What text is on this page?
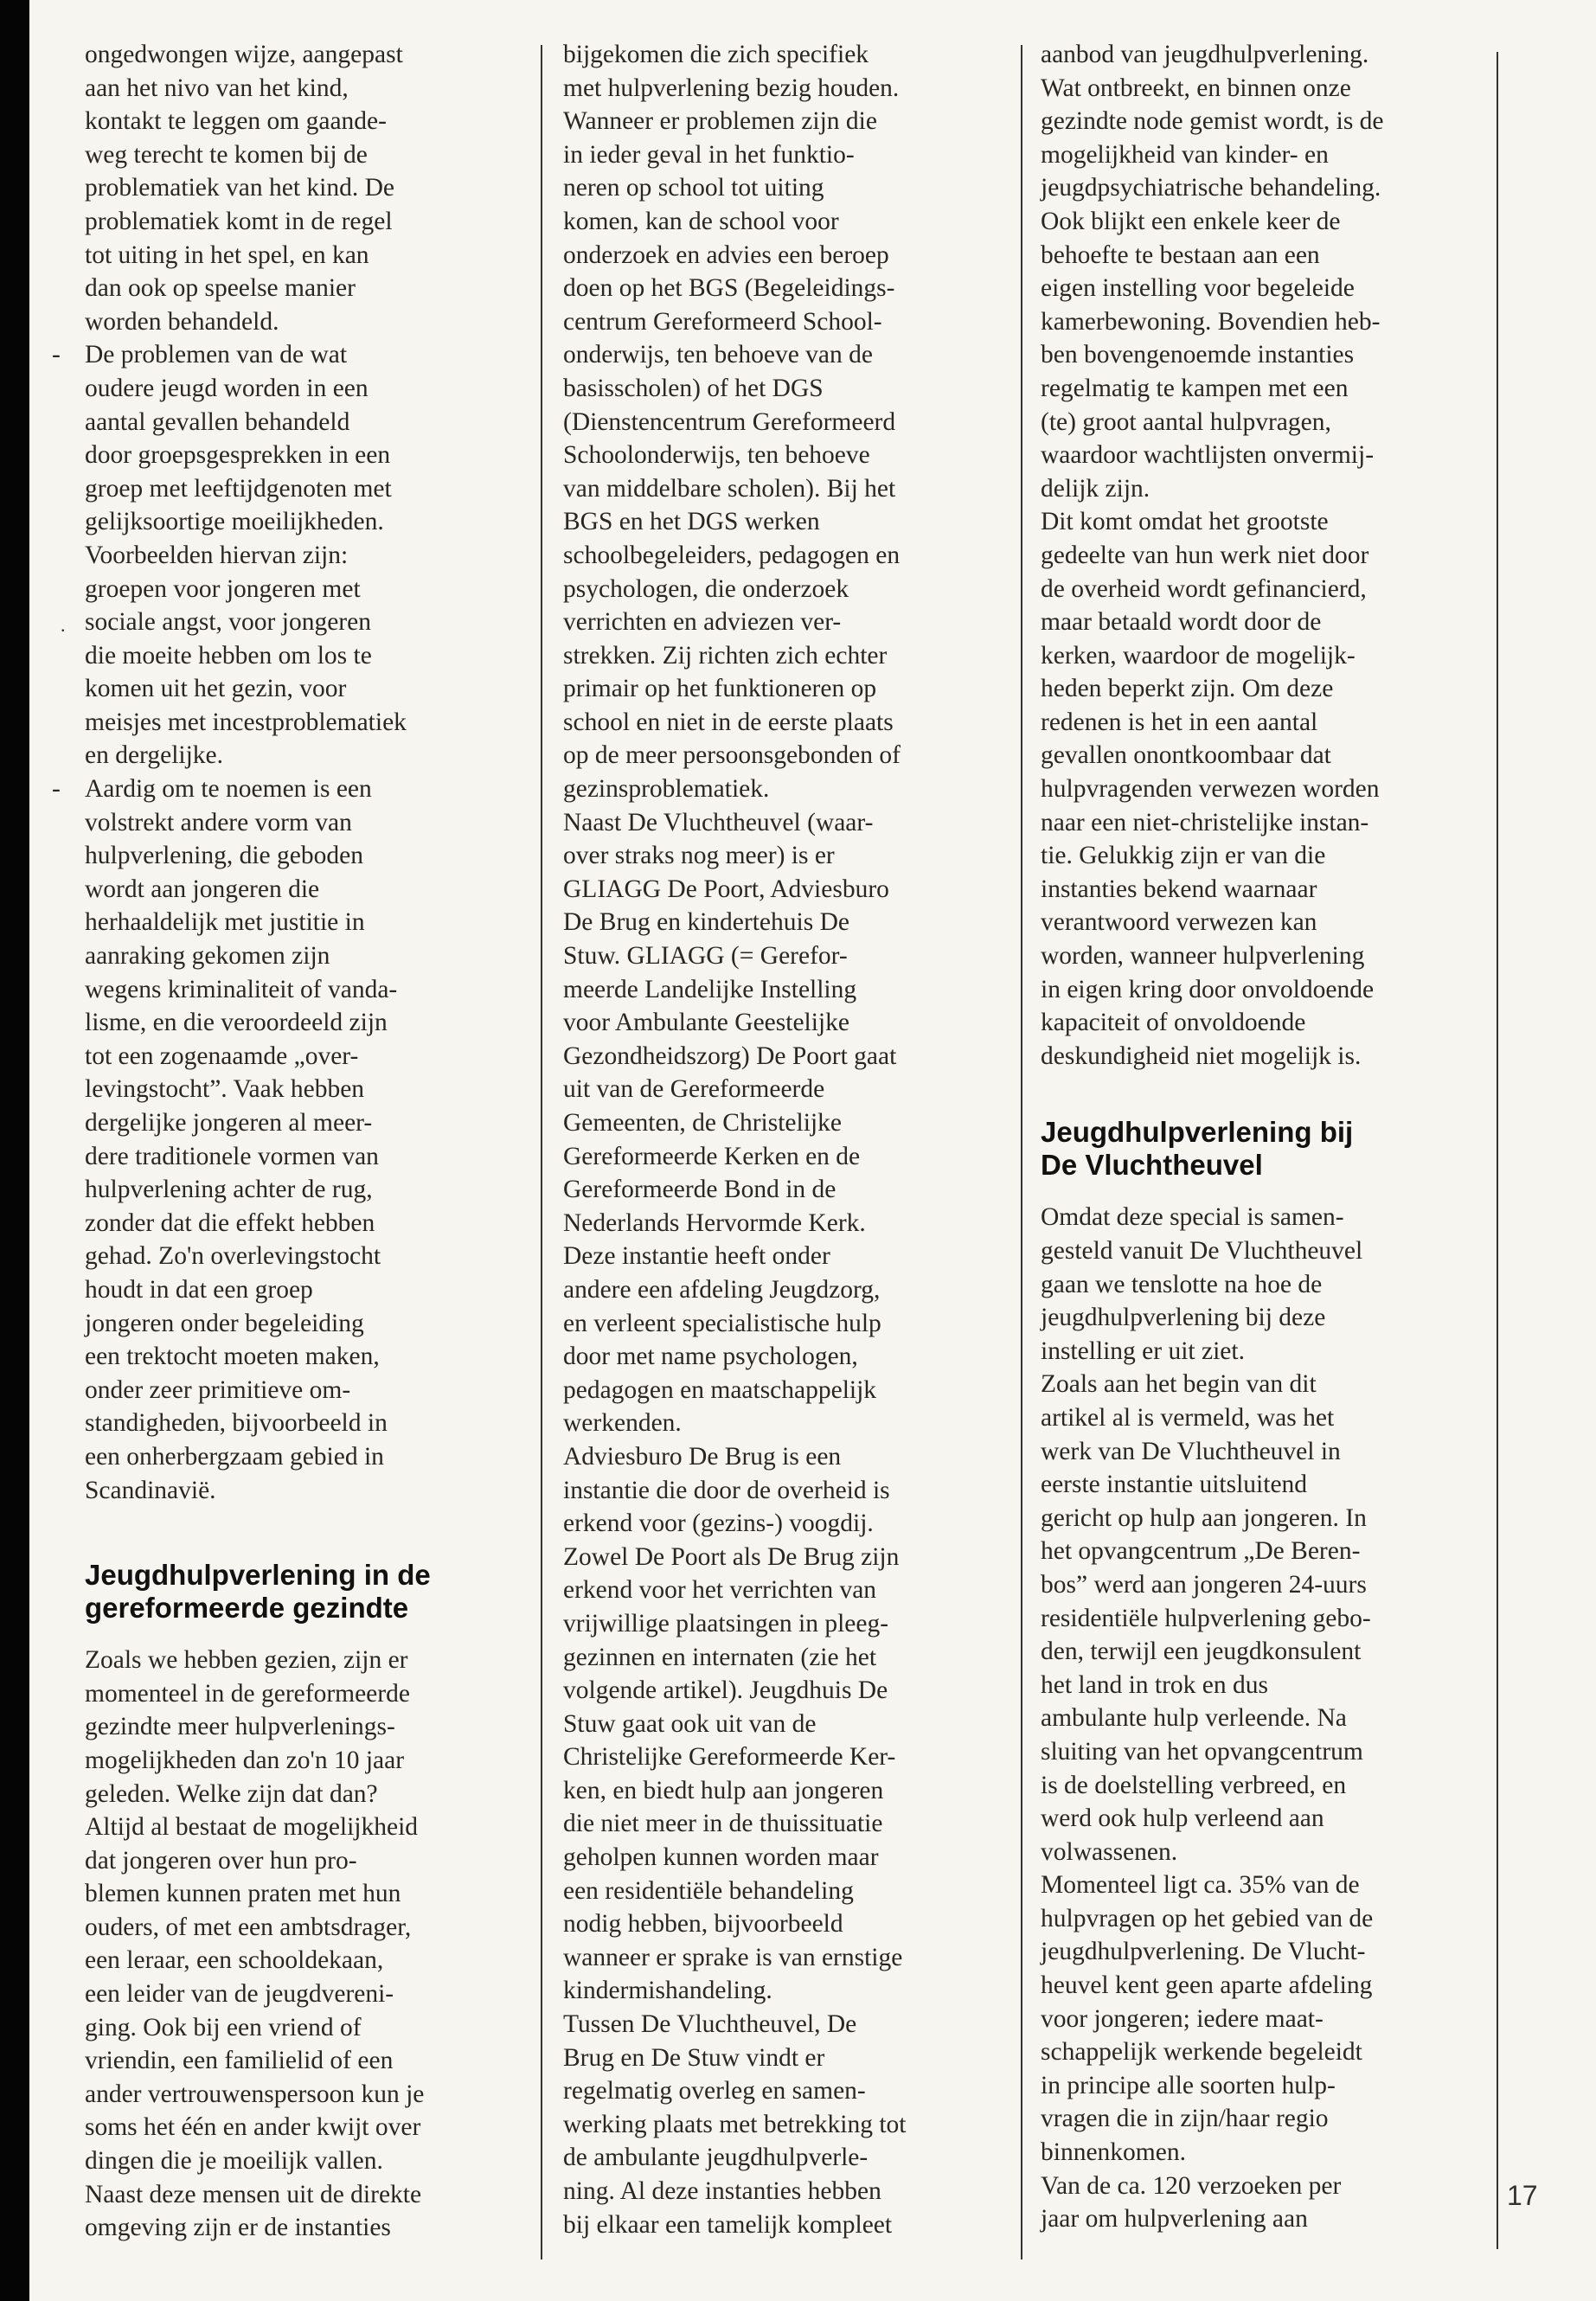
ongedwongen wijze, aangepast
aan het nivo van het kind,
kontakt te leggen om gaande-
weg terecht te komen bij de
problematiek van het kind. De
problematiek komt in de regel
tot uiting in het spel, en kan
dan ook op speelse manier
worden behandeld.
- De problemen van de wat
oudere jeugd worden in een
aantal gevallen behandeld
door groepsgesprekken in een
groep met leeftijdgenoten met
gelijksoortige moeilijkheden.
Voorbeelden hiervan zijn:
groepen voor jongeren met
. sociale angst, voor jongeren
die moeite hebben om los te
komen uit het gezin, voor
meisjes met incestproblematiek
en dergelijke.
- Aardig om te noemen is een
volstrekt andere vorm van
hulpverlening, die geboden
wordt aan jongeren die
herhaaldelijk met justitie in
aanraking gekomen zijn
wegens kriminaliteit of vanda-
lisme, en die veroordeeld zijn
tot een zogenaamde „over-
levingstocht”. Vaak hebben
dergelijke jongeren al meer-
dere traditionele vormen van
hulpverlening achter de rug,
zonder dat die effekt hebben
gehad. Zo'n overlevingstocht
houdt in dat een groep
jongeren onder begeleiding
een trektocht moeten maken,
onder zeer primitieve om-
standigheden, bijvoorbeeld in
een onherbergzaam gebied in
Scandinavië.
Jeugdhulpverlening in de
gereformeerde gezindte
Zoals we hebben gezien, zijn er
momenteel in de gereformeerde
gezindte meer hulpverlenings-
mogelijkheden dan zo'n 10 jaar
geleden. Welke zijn dat dan?
Altijd al bestaat de mogelijkheid
dat jongeren over hun pro-
blemen kunnen praten met hun
ouders, of met een ambtsdrager,
een leraar, een schooldekaan,
een leider van de jeugdvereni-
ging. Ook bij een vriend of
vriendin, een familielid of een
ander vertrouwenspersoon kun je
soms het één en ander kwijt over
dingen die je moeilijk vallen.
Naast deze mensen uit de direkte
omgeving zijn er de instanties
bijgekomen die zich specifiek
met hulpverlening bezig houden.
Wanneer er problemen zijn die
in ieder geval in het funktio-
neren op school tot uiting
komen, kan de school voor
onderzoek en advies een beroep
doen op het BGS (Begeleidings-
centrum Gereformeerd School-
onderwijs, ten behoeve van de
basisscholen) of het DGS
(Dienstencentrum Gereformeerd
Schoolonderwijs, ten behoeve
van middelbare scholen). Bij het
BGS en het DGS werken
schoolbegeleiders, pedagogen en
psychologen, die onderzoek
verrichten en adviezen ver-
strekken. Zij richten zich echter
primair op het funktioneren op
school en niet in de eerste plaats
op de meer persoonsgebonden of
gezinsproblematiek.
Naast De Vluchtheuvel (waar-
over straks nog meer) is er
GLIAGG De Poort, Adviesburo
De Brug en kindertehuis De
Stuw. GLIAGG (= Gerefor-
meerde Landelijke Instelling
voor Ambulante Geestelijke
Gezondheidszorg) De Poort gaat
uit van de Gereformeerde
Gemeenten, de Christelijke
Gereformeerde Kerken en de
Gereformeerde Bond in de
Nederlands Hervormde Kerk.
Deze instantie heeft onder
andere een afdeling Jeugdzorg,
en verleent specialistische hulp
door met name psychologen,
pedagogen en maatschappelijk
werkenden.
Adviesburo De Brug is een
instantie die door de overheid is
erkend voor (gezins-) voogdij.
Zowel De Poort als De Brug zijn
erkend voor het verrichten van
vrijwillige plaatsingen in pleeg-
gezinnen en internaten (zie het
volgende artikel). Jeugdhuis De
Stuw gaat ook uit van de
Christelijke Gereformeerde Ker-
ken, en biedt hulp aan jongeren
die niet meer in de thuissituatie
geholpen kunnen worden maar
een residentiële behandeling
nodig hebben, bijvoorbeeld
wanneer er sprake is van ernstige
kindermishandeling.
Tussen De Vluchtheuvel, De
Brug en De Stuw vindt er
regelmatig overleg en samen-
werking plaats met betrekking tot
de ambulante jeugdhulpverle-
ning. Al deze instanties hebben
bij elkaar een tamelijk kompleet
aanbod van jeugdhulpverlening.
Wat ontbreekt, en binnen onze
gezindte node gemist wordt, is de
mogelijkheid van kinder- en
jeugdpsychiatrische behandeling.
Ook blijkt een enkele keer de
behoefte te bestaan aan een
eigen instelling voor begeleide
kamerbewoning. Bovendien heb-
ben bovengenoemde instanties
regelmatig te kampen met een
(te) groot aantal hulpvragen,
waardoor wachtlijsten onvermij-
delijk zijn.
Dit komt omdat het grootste
gedeelte van hun werk niet door
de overheid wordt gefinancierd,
maar betaald wordt door de
kerken, waardoor de mogelijk-
heden beperkt zijn. Om deze
redenen is het in een aantal
gevallen onontkoombaar dat
hulpvragenden verwezen worden
naar een niet-christelijke instan-
tie. Gelukkig zijn er van die
instanties bekend waarnaar
verantwoord verwezen kan
worden, wanneer hulpverlening
in eigen kring door onvoldoende
kapaciteit of onvoldoende
deskundigheid niet mogelijk is.
Jeugdhulpverlening bij
De Vluchtheuvel
Omdat deze special is samen-
gesteld vanuit De Vluchtheuvel
gaan we tenslotte na hoe de
jeugdhulpverlening bij deze
instelling er uit ziet.
Zoals aan het begin van dit
artikel al is vermeld, was het
werk van De Vluchtheuvel in
eerste instantie uitsluitend
gericht op hulp aan jongeren. In
het opvangcentrum „De Beren-
bos” werd aan jongeren 24-uurs
residentiële hulpverlening gebo-
den, terwijl een jeugdkonsulent
het land in trok en dus
ambulante hulp verleende. Na
sluiting van het opvangcentrum
is de doelstelling verbreed, en
werd ook hulp verleend aan
volwassenen.
Momenteel ligt ca. 35% van de
hulpvragen op het gebied van de
jeugdhulpverlening. De Vlucht-
heuvel kent geen aparte afdeling
voor jongeren; iedere maat-
schappelijk werkende begeleidt
in principe alle soorten hulp-
vragen die in zijn/haar regio
binnenkomen.
Van de ca. 120 verzoeken per
jaar om hulpverlening aan
17
